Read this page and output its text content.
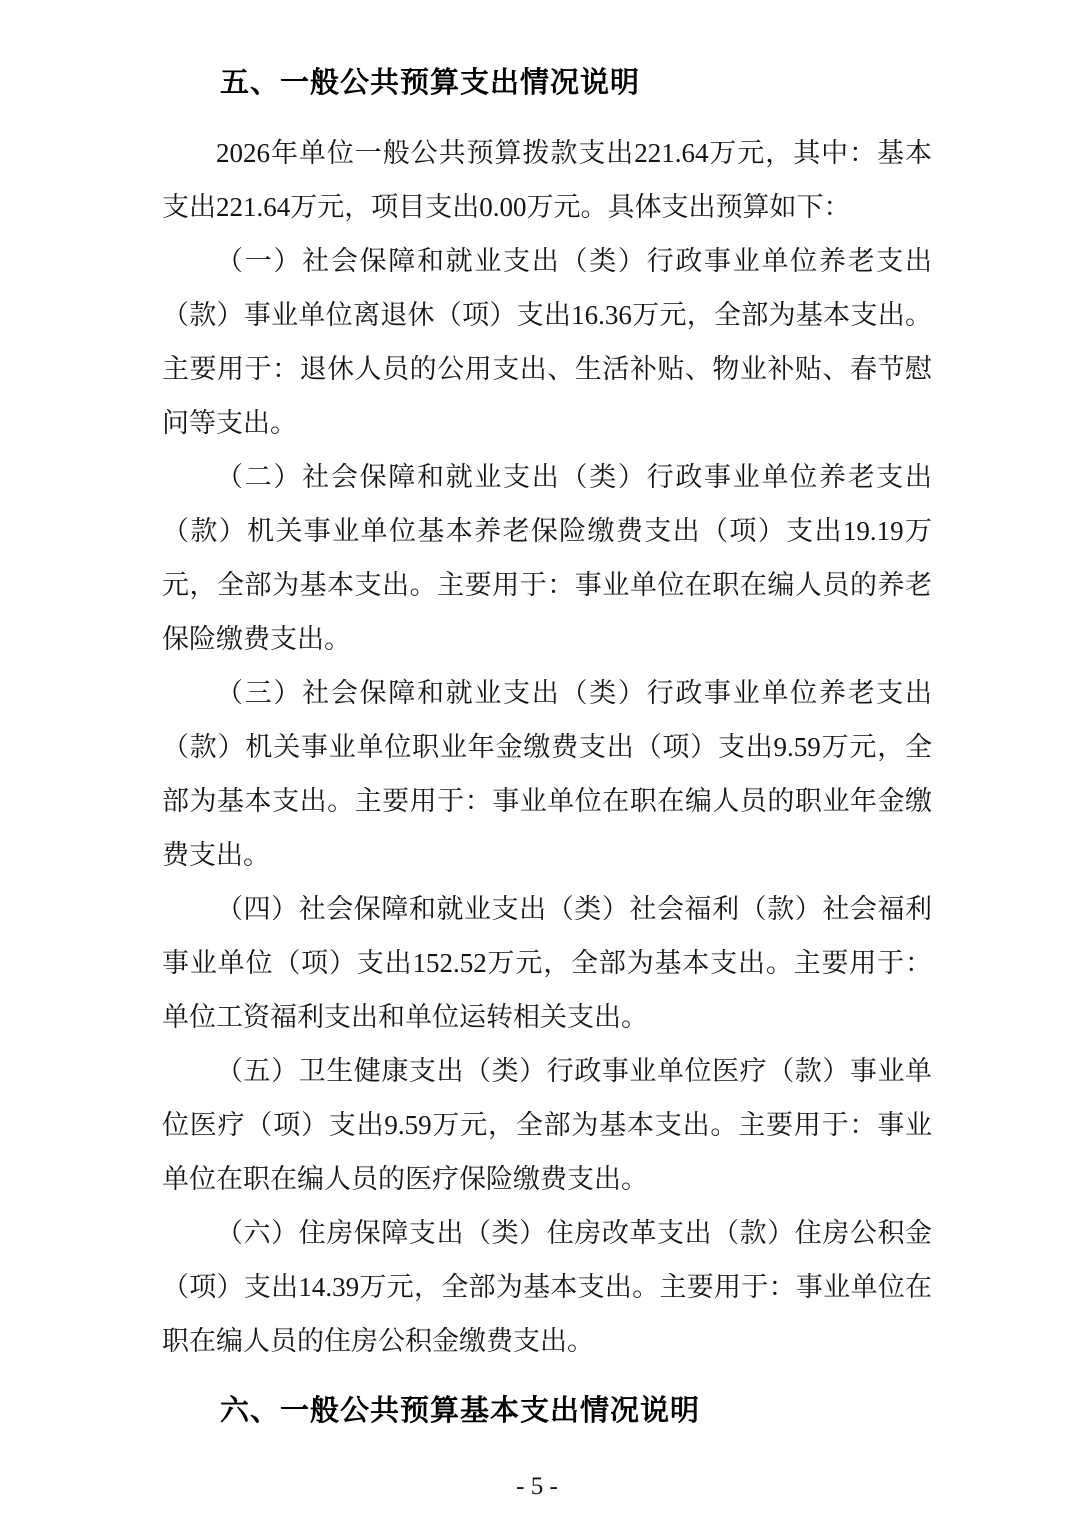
五、一般公共预算支出情况说明

2026年单位一般公共预算拨款支出221.64万元，其中：基本支出221.64万元，项目支出0.00万元。具体支出预算如下：

（一）社会保障和就业支出（类）行政事业单位养老支出（款）事业单位离退休（项）支出16.36万元，全部为基本支出。主要用于：退休人员的公用支出、生活补贴、物业补贴、春节慰问等支出。

（二）社会保障和就业支出（类）行政事业单位养老支出（款）机关事业单位基本养老保险缴费支出（项）支出19.19万元，全部为基本支出。主要用于：事业单位在职在编人员的养老保险缴费支出。

（三）社会保障和就业支出（类）行政事业单位养老支出（款）机关事业单位职业年金缴费支出（项）支出9.59万元，全部为基本支出。主要用于：事业单位在职在编人员的职业年金缴费支出。

（四）社会保障和就业支出（类）社会福利（款）社会福利事业单位（项）支出152.52万元，全部为基本支出。主要用于：单位工资福利支出和单位运转相关支出。

（五）卫生健康支出（类）行政事业单位医疗（款）事业单位医疗（项）支出9.59万元，全部为基本支出。主要用于：事业单位在职在编人员的医疗保险缴费支出。

（六）住房保障支出（类）住房改革支出（款）住房公积金（项）支出14.39万元，全部为基本支出。主要用于：事业单位在职在编人员的住房公积金缴费支出。

六、一般公共预算基本支出情况说明
- 5 -
